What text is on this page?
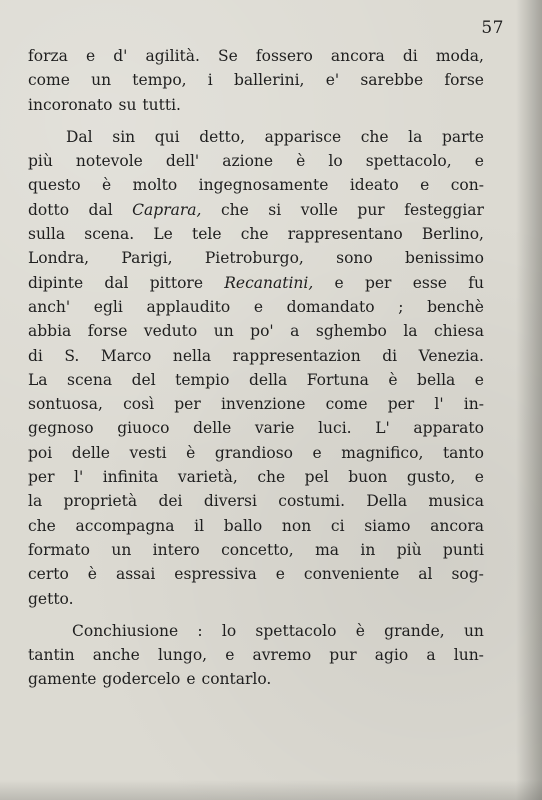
57
forza e d' agilità. Se fossero ancora di moda,
come un tempo, i ballerini, e' sarebbe forse
incoronato su tutti.
Dal sin qui detto, apparisce che la parte
più notevole dell' azione è lo spettacolo, e
questo è molto ingegnosamente ideato e con-
dotto dal Caprara, che si volle pur festeggiar
sulla scena. Le tele che rappresentano Berlino,
Londra, Parigi, Pietroburgo, sono benissimo
dipinte dal pittore Recanatini, e per esse fu
anch' egli applaudito e domandato ; benchè
abbia forse veduto un po' a sghembo la chiesa
di S. Marco nella rappresentazion di Venezia.
La scena del tempio della Fortuna è bella e
sontuosa, così per invenzione come per l' in-
gegnoso giuoco delle varie luci. L' apparato
poi delle vesti è grandioso e magnifico, tanto
per l' infinita varietà, che pel buon gusto, e
la proprietà dei diversi costumi. Della musica
che accompagna il ballo non ci siamo ancora
formato un intero concetto, ma in più punti
certo è assai espressiva e conveniente al sog-
getto.
Conchiusione : lo spettacolo è grande, un
tantin anche lungo, e avremo pur agio a lun-
gamente godercelo e contarlo.
